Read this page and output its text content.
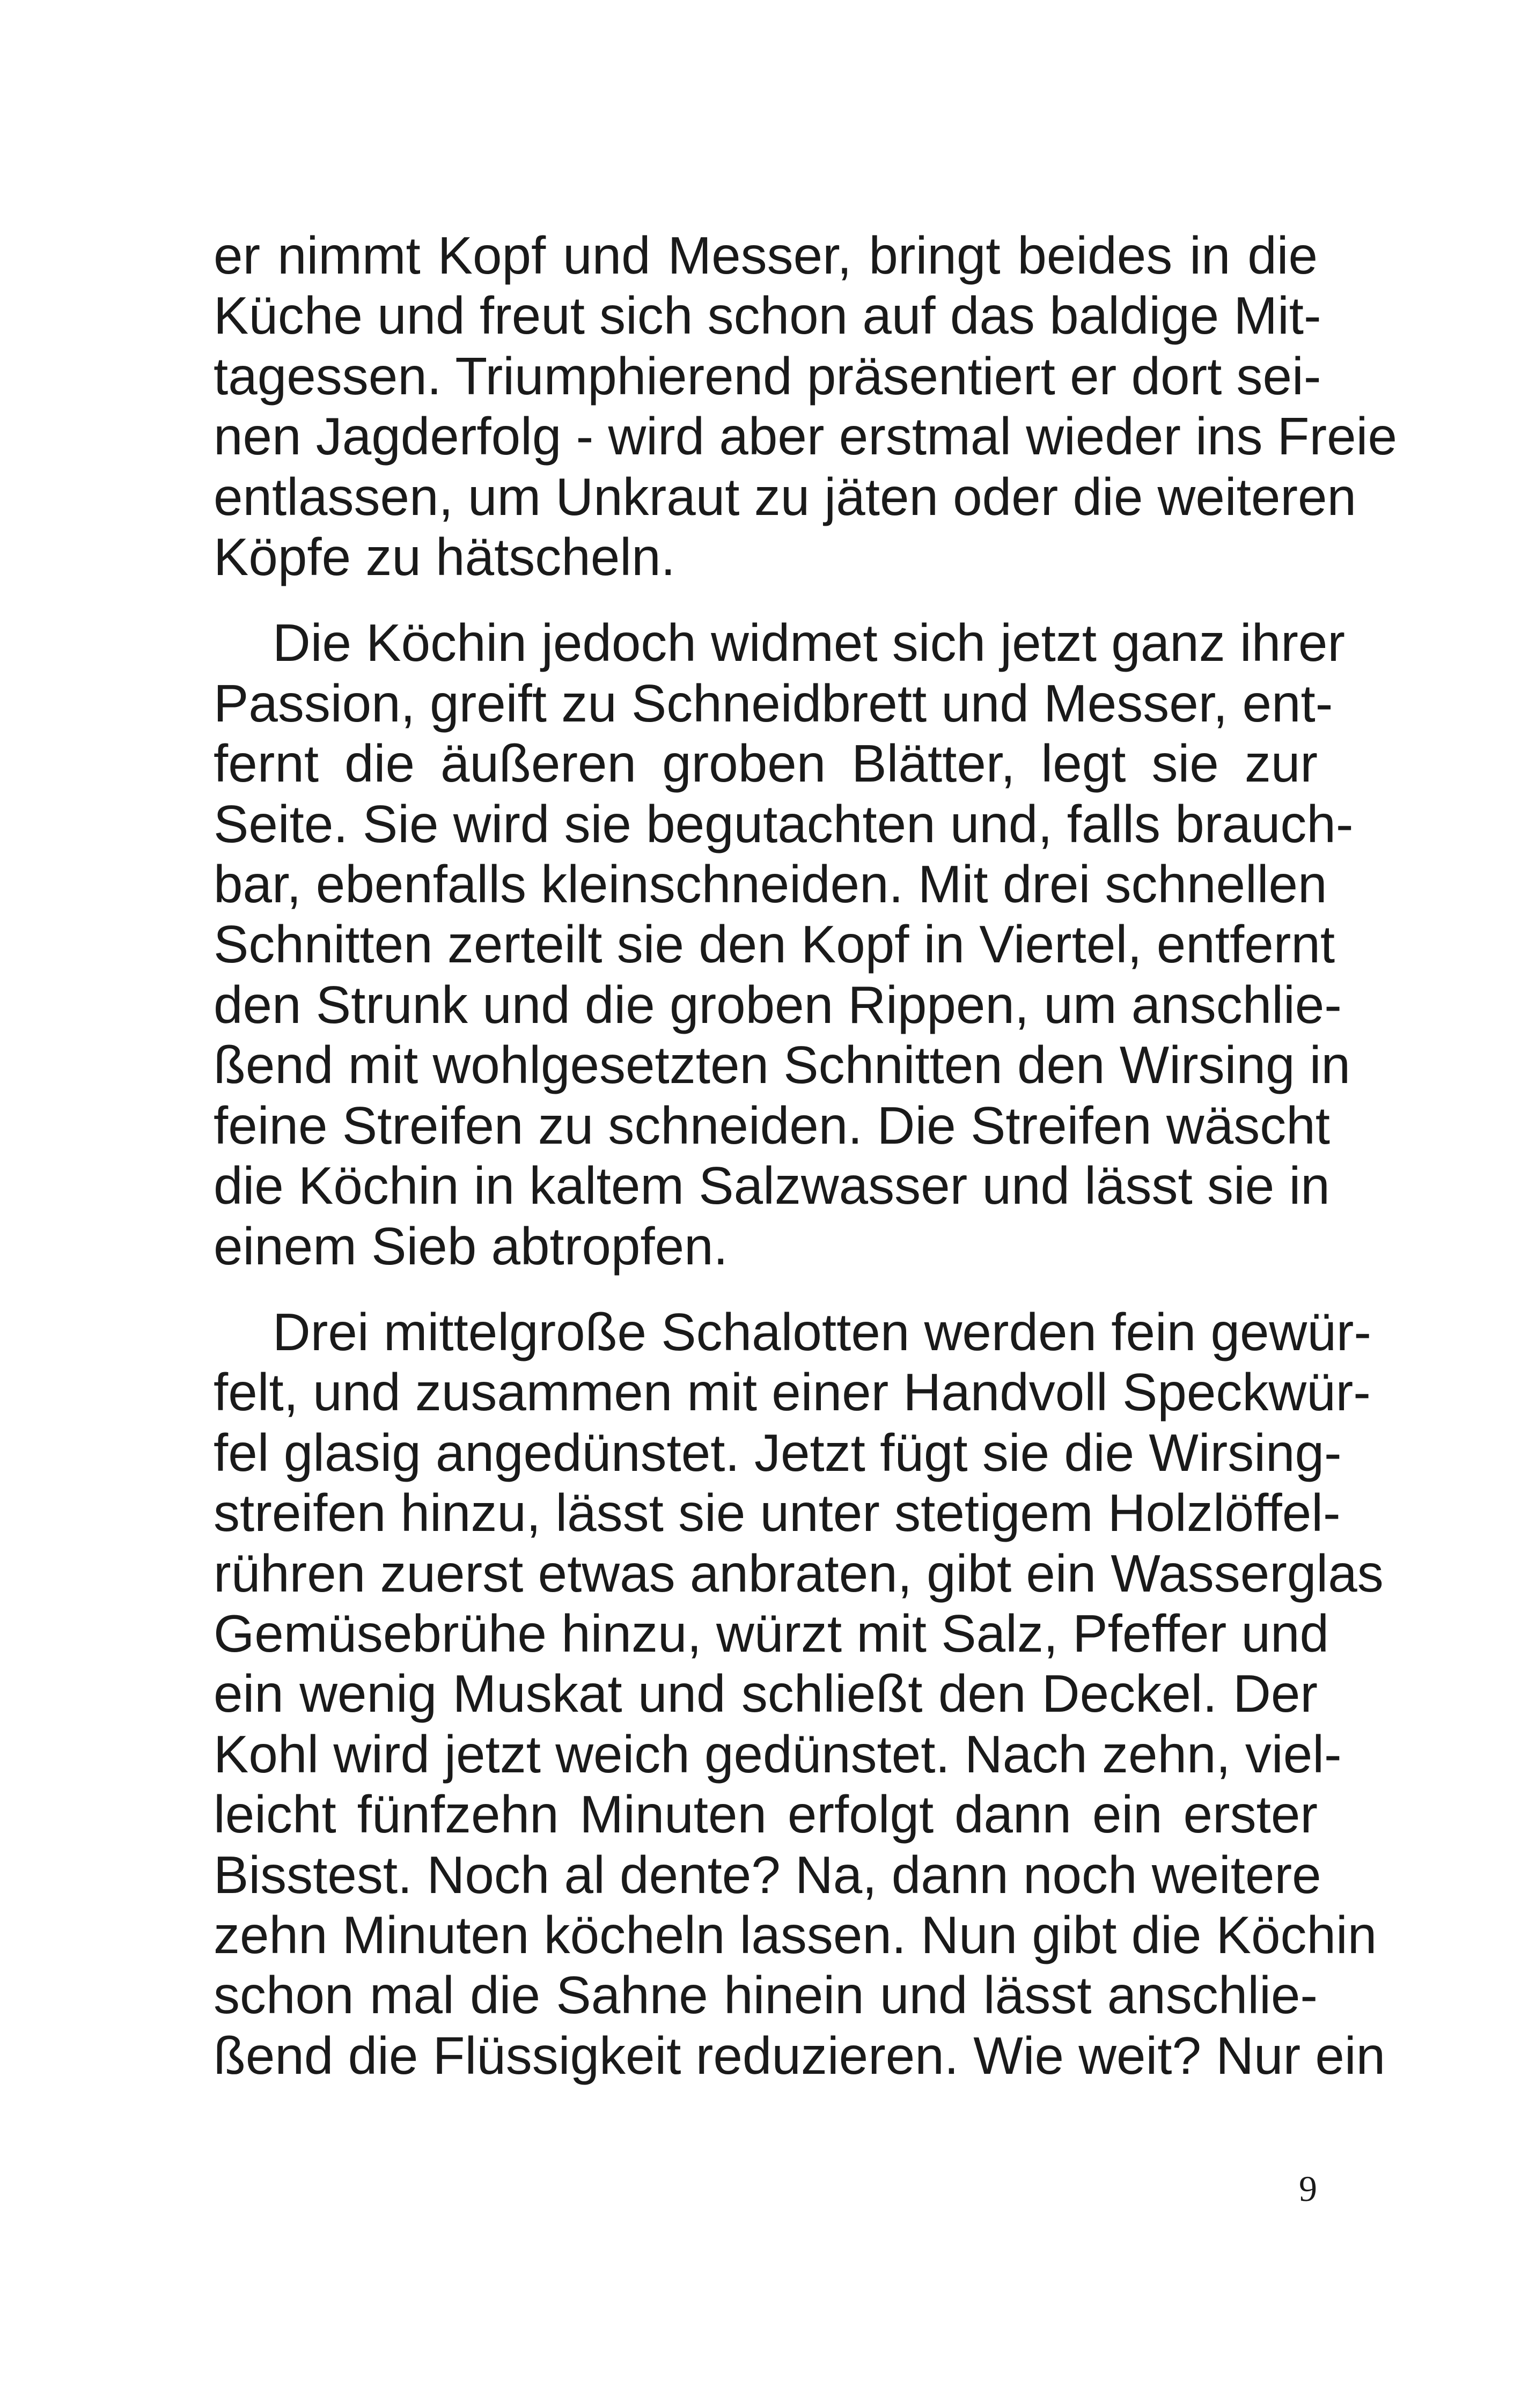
er nimmt Kopf und Messer, bringt beides in die
Küche und freut sich schon auf das baldige Mit-
tagessen. Triumphierend präsentiert er dort sei-
nen Jagderfolg - wird aber erstmal wieder ins Freie
entlassen, um Unkraut zu jäten oder die weiteren
Köpfe zu hätscheln.
Die Köchin jedoch widmet sich jetzt ganz ihrer
Passion, greift zu Schneidbrett und Messer, ent-
fernt die äußeren groben Blätter, legt sie zur
Seite. Sie wird sie begutachten und, falls brauch-
bar, ebenfalls kleinschneiden. Mit drei schnellen
Schnitten zerteilt sie den Kopf in Viertel, entfernt
den Strunk und die groben Rippen, um anschlie-
ßend mit wohlgesetzten Schnitten den Wirsing in
feine Streifen zu schneiden. Die Streifen wäscht
die Köchin in kaltem Salzwasser und lässt sie in
einem Sieb abtropfen.
Drei mittelgroße Schalotten werden fein gewür-
felt, und zusammen mit einer Handvoll Speckwür-
fel glasig angedünstet. Jetzt fügt sie die Wirsing-
streifen hinzu, lässt sie unter stetigem Holzlöffel-
rühren zuerst etwas anbraten, gibt ein Wasserglas
Gemüsebrühe hinzu, würzt mit Salz, Pfeffer und
ein wenig Muskat und schließt den Deckel. Der
Kohl wird jetzt weich gedünstet. Nach zehn, viel-
leicht fünfzehn Minuten erfolgt dann ein erster
Bisstest. Noch al dente? Na, dann noch weitere
zehn Minuten köcheln lassen. Nun gibt die Köchin
schon mal die Sahne hinein und lässt anschlie-
ßend die Flüssigkeit reduzieren. Wie weit? Nur ein
9
